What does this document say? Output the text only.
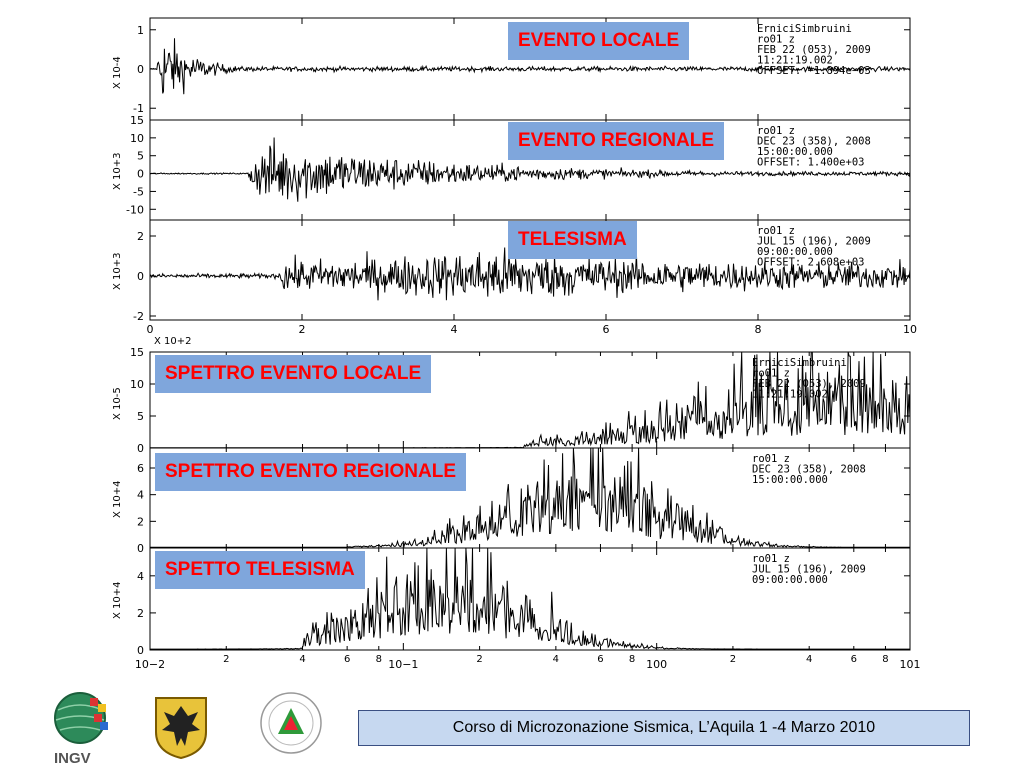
1
0
-1
X 10-4
ErniciSimbruini
ro01 z
FEB 22 (053), 2009
11:21:19.002
OFFSET: −1.894e−03
15
10
5
0
-5
-10
X 10+3
ro01 z
DEC 23 (358), 2008
15:00:00.000
OFFSET: 1.400e+03
2
0
-2
X 10+3
ro01 z
JUL 15 (196), 2009
09:00:00.000
OFFSET: 2.608e+03
0	2	4	6	8	10
X 10+2
15
10
5
0
X 10-5
ErniciSimbruini
ro01 z
FEB 22 (053), 2009
11:21:19.002
6
4
2
0
X 10+4
ro01 z
DEC 23 (358), 2008
15:00:00.000
4
2
0
X 10+4
ro01 z
JUL 15 (196), 2009
09:00:00.000
10−2	2	4	6	8 10−1	2	4	6	8 100	2	4	6	8 101
EVENTO LOCALE
EVENTO REGIONALE
TELESISMA
SPETTRO EVENTO LOCALE
SPETTRO EVENTO REGIONALE
SPETTO TELESISMA
INGV
Corso di Microzonazione Sismica, L’Aquila 1 -4 Marzo 2010
